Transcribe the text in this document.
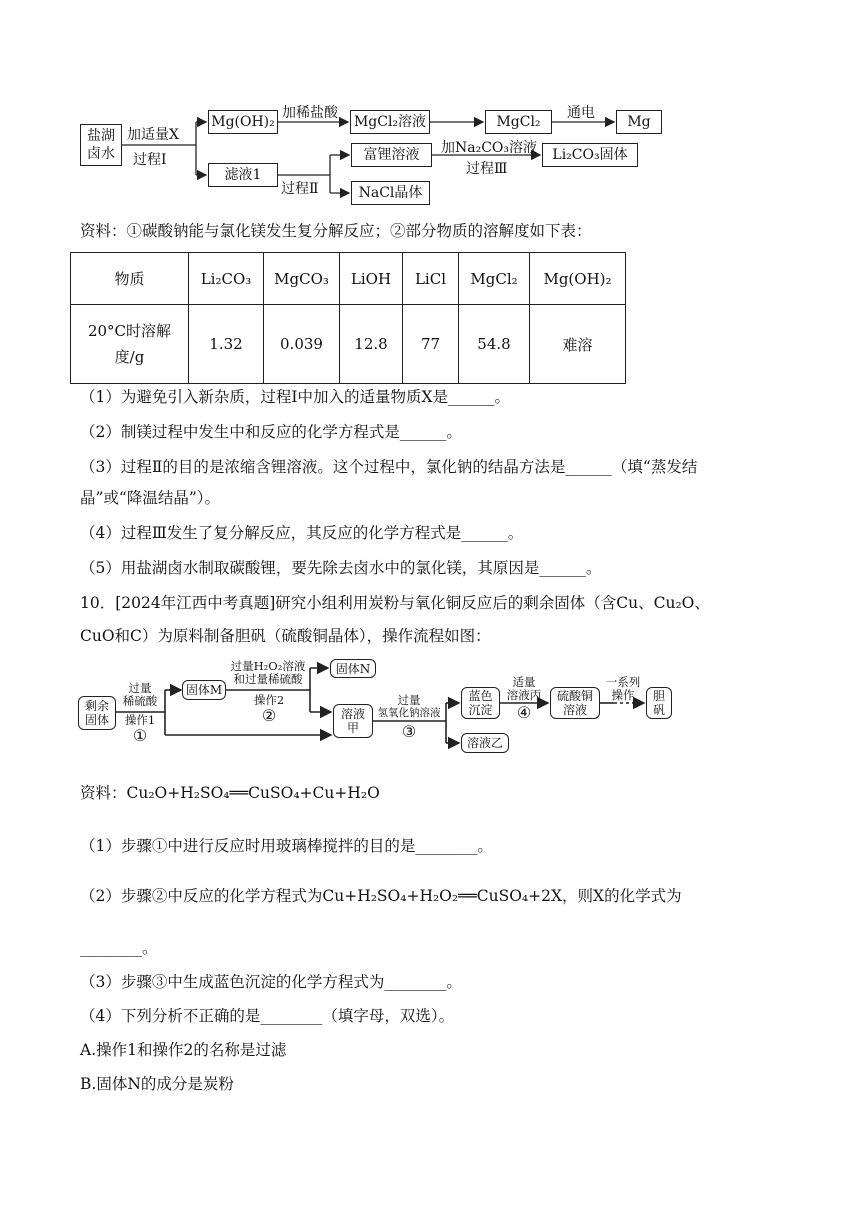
盐湖
卤水
加适量X
过程Ⅰ
Mg(OH)₂
加稀盐酸
MgCl₂溶液	MgCl₂
通电
Mg
滤液1
过程Ⅱ
富锂溶液	加Na₂CO₃溶液
过程Ⅲ
Li₂CO₃固体
NaCl晶体
资料：①碳酸钠能与氯化镁发生复分解反应；②部分物质的溶解度如下表：
物质	Li₂CO₃	MgCO₃	LiOH	LiCl	MgCl₂	Mg(OH)₂

20°C时溶解
度/g	1.32	0.039	12.8	77	54.8	难溶
（1）为避免引入新杂质，过程Ⅰ中加入的适量物质X是______。
（2）制镁过程中发生中和反应的化学方程式是______。
（3）过程Ⅱ的目的是浓缩含锂溶液。这个过程中，氯化钠的结晶方法是______（填“蒸发结
晶”或“降温结晶”）。
（4）过程Ⅲ发生了复分解反应，其反应的化学方程式是______。
（5）用盐湖卤水制取碳酸锂，要先除去卤水中的氯化镁，其原因是______。
10．[2024年江西中考真题]研究小组利用炭粉与氧化铜反应后的剩余固体（含Cu、Cu₂O、
CuO和C）为原料制备胆矾（硫酸铜晶体），操作流程如图：
剩余
固体
过量
稀硫酸
操作1
①
固体M
过量H₂O₂溶液
和过量稀硫酸
操作2
②
固体N
溶液
甲
过量
氢氧化钠溶液
③
蓝色
沉淀
溶液乙
适量
溶液丙
④
硫酸铜
溶液
一系列
操作	胆
矾
资料：Cu₂O+H₂SO₄══CuSO₄+Cu+H₂O
（1）步骤①中进行反应时用玻璃棒搅拌的目的是________。
（2）步骤②中反应的化学方程式为Cu+H₂SO₄+H₂O₂══CuSO₄+2X，则X的化学式为
________。
（3）步骤③中生成蓝色沉淀的化学方程式为________。
（4）下列分析不正确的是________（填字母，双选）。
A.操作1和操作2的名称是过滤
B.固体N的成分是炭粉
